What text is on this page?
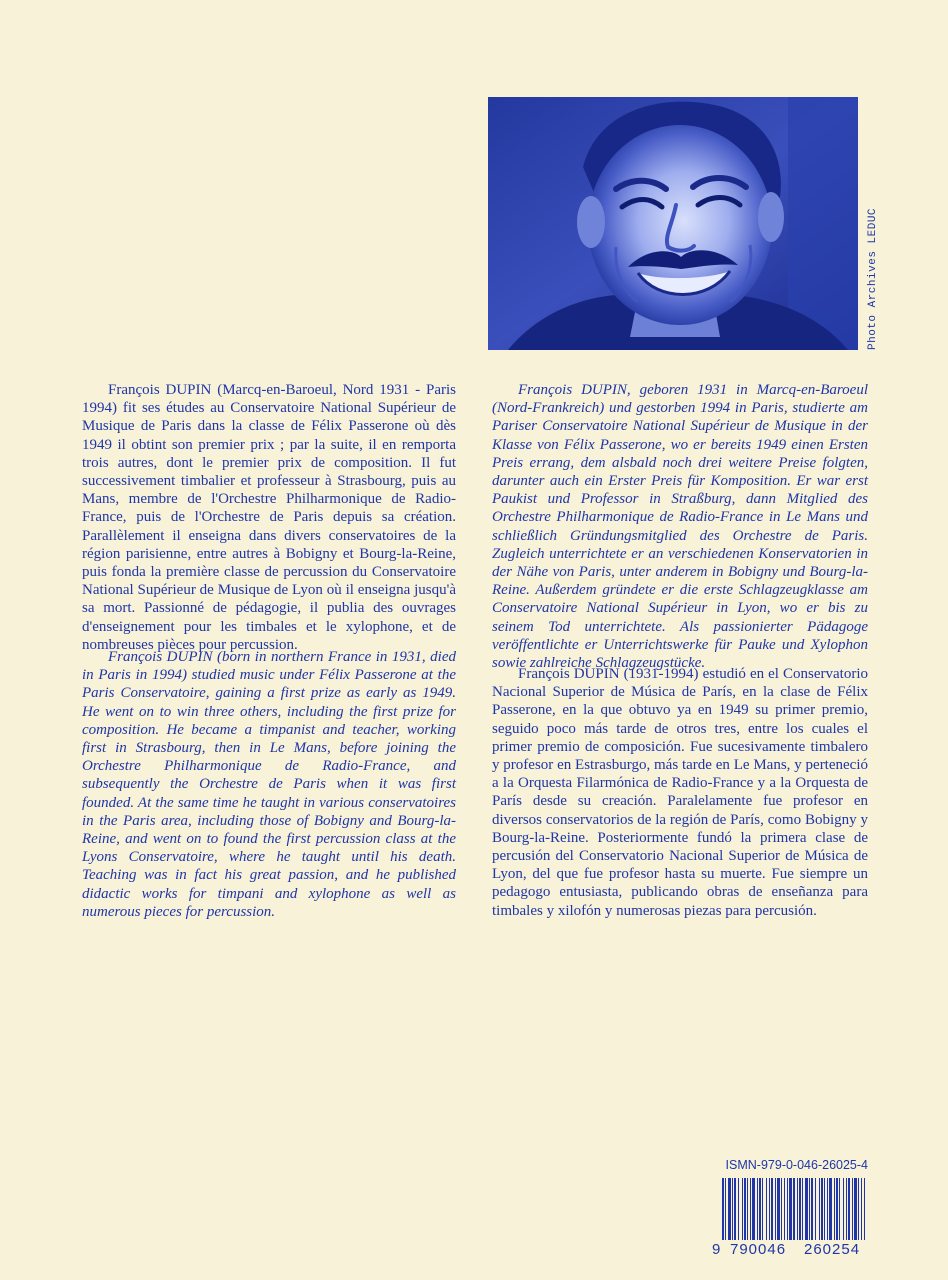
Photo Archives LEDUC

François DUPIN (Marcq-en-Baroeul, Nord 1931 - Paris 1994) fit ses études au Conservatoire National Supérieur de Musique de Paris dans la classe de Félix Passerone où dès 1949 il obtint son premier prix ; par la suite, il en remporta trois autres, dont le premier prix de composition. Il fut successivement timbalier et professeur à Strasbourg, puis au Mans, membre de l'Orchestre Philharmonique de Radio-France, puis de l'Orchestre de Paris depuis sa création. Parallèlement il enseigna dans divers conservatoires de la région parisienne, entre autres à Bobigny et Bourg-la-Reine, puis fonda la première classe de percussion du Conservatoire National Supérieur de Musique de Lyon où il enseigna jusqu'à sa mort. Passionné de pédagogie, il publia des ouvrages d'enseignement pour les timbales et le xylophone, et de nombreuses pièces pour percussion.

François DUPIN (born in northern France in 1931, died in Paris in 1994) studied music under Félix Passerone at the Paris Conservatoire, gaining a first prize as early as 1949. He went on to win three others, including the first prize for composition. He became a timpanist and teacher, working first in Strasbourg, then in Le Mans, before joining the Orchestre Philharmonique de Radio-France, and subsequently the Orchestre de Paris when it was first founded. At the same time he taught in various conservatoires in the Paris area, including those of Bobigny and Bourg-la-Reine, and went on to found the first percussion class at the Lyons Conservatoire, where he taught until his death. Teaching was in fact his great passion, and he published didactic works for timpani and xylophone as well as numerous pieces for percussion.

François DUPIN, geboren 1931 in Marcq-en-Baroeul (Nord-Frankreich) und gestorben 1994 in Paris, studierte am Pariser Conservatoire National Supérieur de Musique in der Klasse von Félix Passerone, wo er bereits 1949 einen Ersten Preis errang, dem alsbald noch drei weitere Preise folgten, darunter auch ein Erster Preis für Komposition. Er war erst Paukist und Professor in Straßburg, dann Mitglied des Orchestre Philharmonique de Radio-France in Le Mans und schließlich Gründungsmitglied des Orchestre de Paris. Zugleich unterrichtete er an verschiedenen Konservatorien in der Nähe von Paris, unter anderem in Bobigny und Bourg-la-Reine. Außerdem gründete er die erste Schlagzeugklasse am Conservatoire National Supérieur in Lyon, wo er bis zu seinem Tod unterrichtete. Als passionierter Pädagoge veröffentlichte er Unterrichtswerke für Pauke und Xylophon sowie zahlreiche Schlagzeugstücke.

François DUPIN (1931-1994) estudió en el Conservatorio Nacional Superior de Música de París, en la clase de Félix Passerone, en la que obtuvo ya en 1949 su primer premio, seguido poco más tarde de otros tres, entre los cuales el primer premio de composición. Fue sucesivamente timbalero y profesor en Estrasburgo, más tarde en Le Mans, y perteneció a la Orquesta Filarmónica de Radio-France y a la Orquesta de París desde su creación. Paralelamente fue profesor en diversos conservatorios de la región de París, como Bobigny y Bourg-la-Reine. Posteriormente fundó la primera clase de percusión del Conservatorio Nacional Superior de Música de Lyon, del que fue profesor hasta su muerte. Fue siempre un pedagogo entusiasta, publicando obras de enseñanza para timbales y xilofón y numerosas piezas para percusión.

ISMN-979-0-046-26025-4
9 790046 260254
